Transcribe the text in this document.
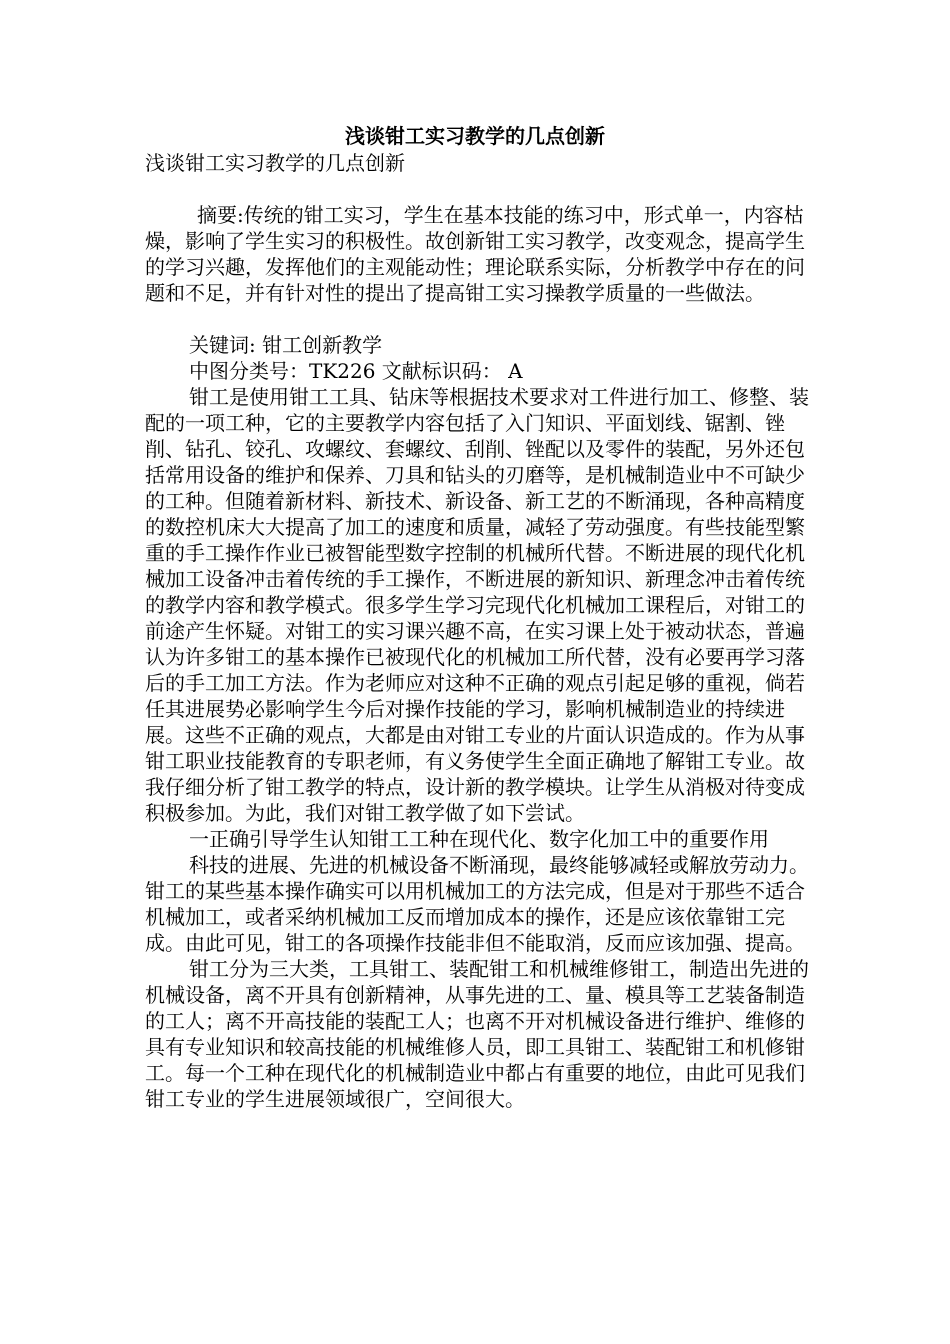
浅谈钳工实习教学的几点创新

浅谈钳工实习教学的几点创新

摘要:传统的钳工实习，学生在基本技能的练习中，形式单一，内容枯燥，影响了学生实习的积极性。故创新钳工实习教学，改变观念，提高学生的学习兴趣，发挥他们的主观能动性；理论联系实际，分析教学中存在的问题和不足，并有针对性的提出了提高钳工实习操教学质量的一些做法。

关键词: 钳工创新教学

中图分类号：TK226 文献标识码： A

钳工是使用钳工工具、钻床等根据技术要求对工件进行加工、修整、装配的一项工种，它的主要教学内容包括了入门知识、平面划线、锯割、锉削、钻孔、铰孔、攻螺纹、套螺纹、刮削、锉配以及零件的装配，另外还包括常用设备的维护和保养、刀具和钻头的刃磨等，是机械制造业中不可缺少的工种。但随着新材料、新技术、新设备、新工艺的不断涌现，各种高精度的数控机床大大提高了加工的速度和质量，减轻了劳动强度。有些技能型繁重的手工操作作业已被智能型数字控制的机械所代替。不断进展的现代化机械加工设备冲击着传统的手工操作，不断进展的新知识、新理念冲击着传统的教学内容和教学模式。很多学生学习完现代化机械加工课程后，对钳工的前途产生怀疑。对钳工的实习课兴趣不高，在实习课上处于被动状态，普遍认为许多钳工的基本操作已被现代化的机械加工所代替，没有必要再学习落后的手工加工方法。作为老师应对这种不正确的观点引起足够的重视，倘若任其进展势必影响学生今后对操作技能的学习，影响机械制造业的持续进展。这些不正确的观点，大都是由对钳工专业的片面认识造成的。作为从事钳工职业技能教育的专职老师，有义务使学生全面正确地了解钳工专业。故我仔细分析了钳工教学的特点，设计新的教学模块。让学生从消极对待变成积极参加。为此，我们对钳工教学做了如下尝试。

一正确引导学生认知钳工工种在现代化、数字化加工中的重要作用

科技的进展、先进的机械设备不断涌现，最终能够减轻或解放劳动力。钳工的某些基本操作确实可以用机械加工的方法完成，但是对于那些不适合机械加工，或者采纳机械加工反而增加成本的操作，还是应该依靠钳工完成。由此可见，钳工的各项操作技能非但不能取消，反而应该加强、提高。

钳工分为三大类，工具钳工、装配钳工和机械维修钳工，制造出先进的机械设备，离不开具有创新精神，从事先进的工、量、模具等工艺装备制造的工人；离不开高技能的装配工人；也离不开对机械设备进行维护、维修的具有专业知识和较高技能的机械维修人员，即工具钳工、装配钳工和机修钳工。每一个工种在现代化的机械制造业中都占有重要的地位，由此可见我们钳工专业的学生进展领域很广，空间很大。
